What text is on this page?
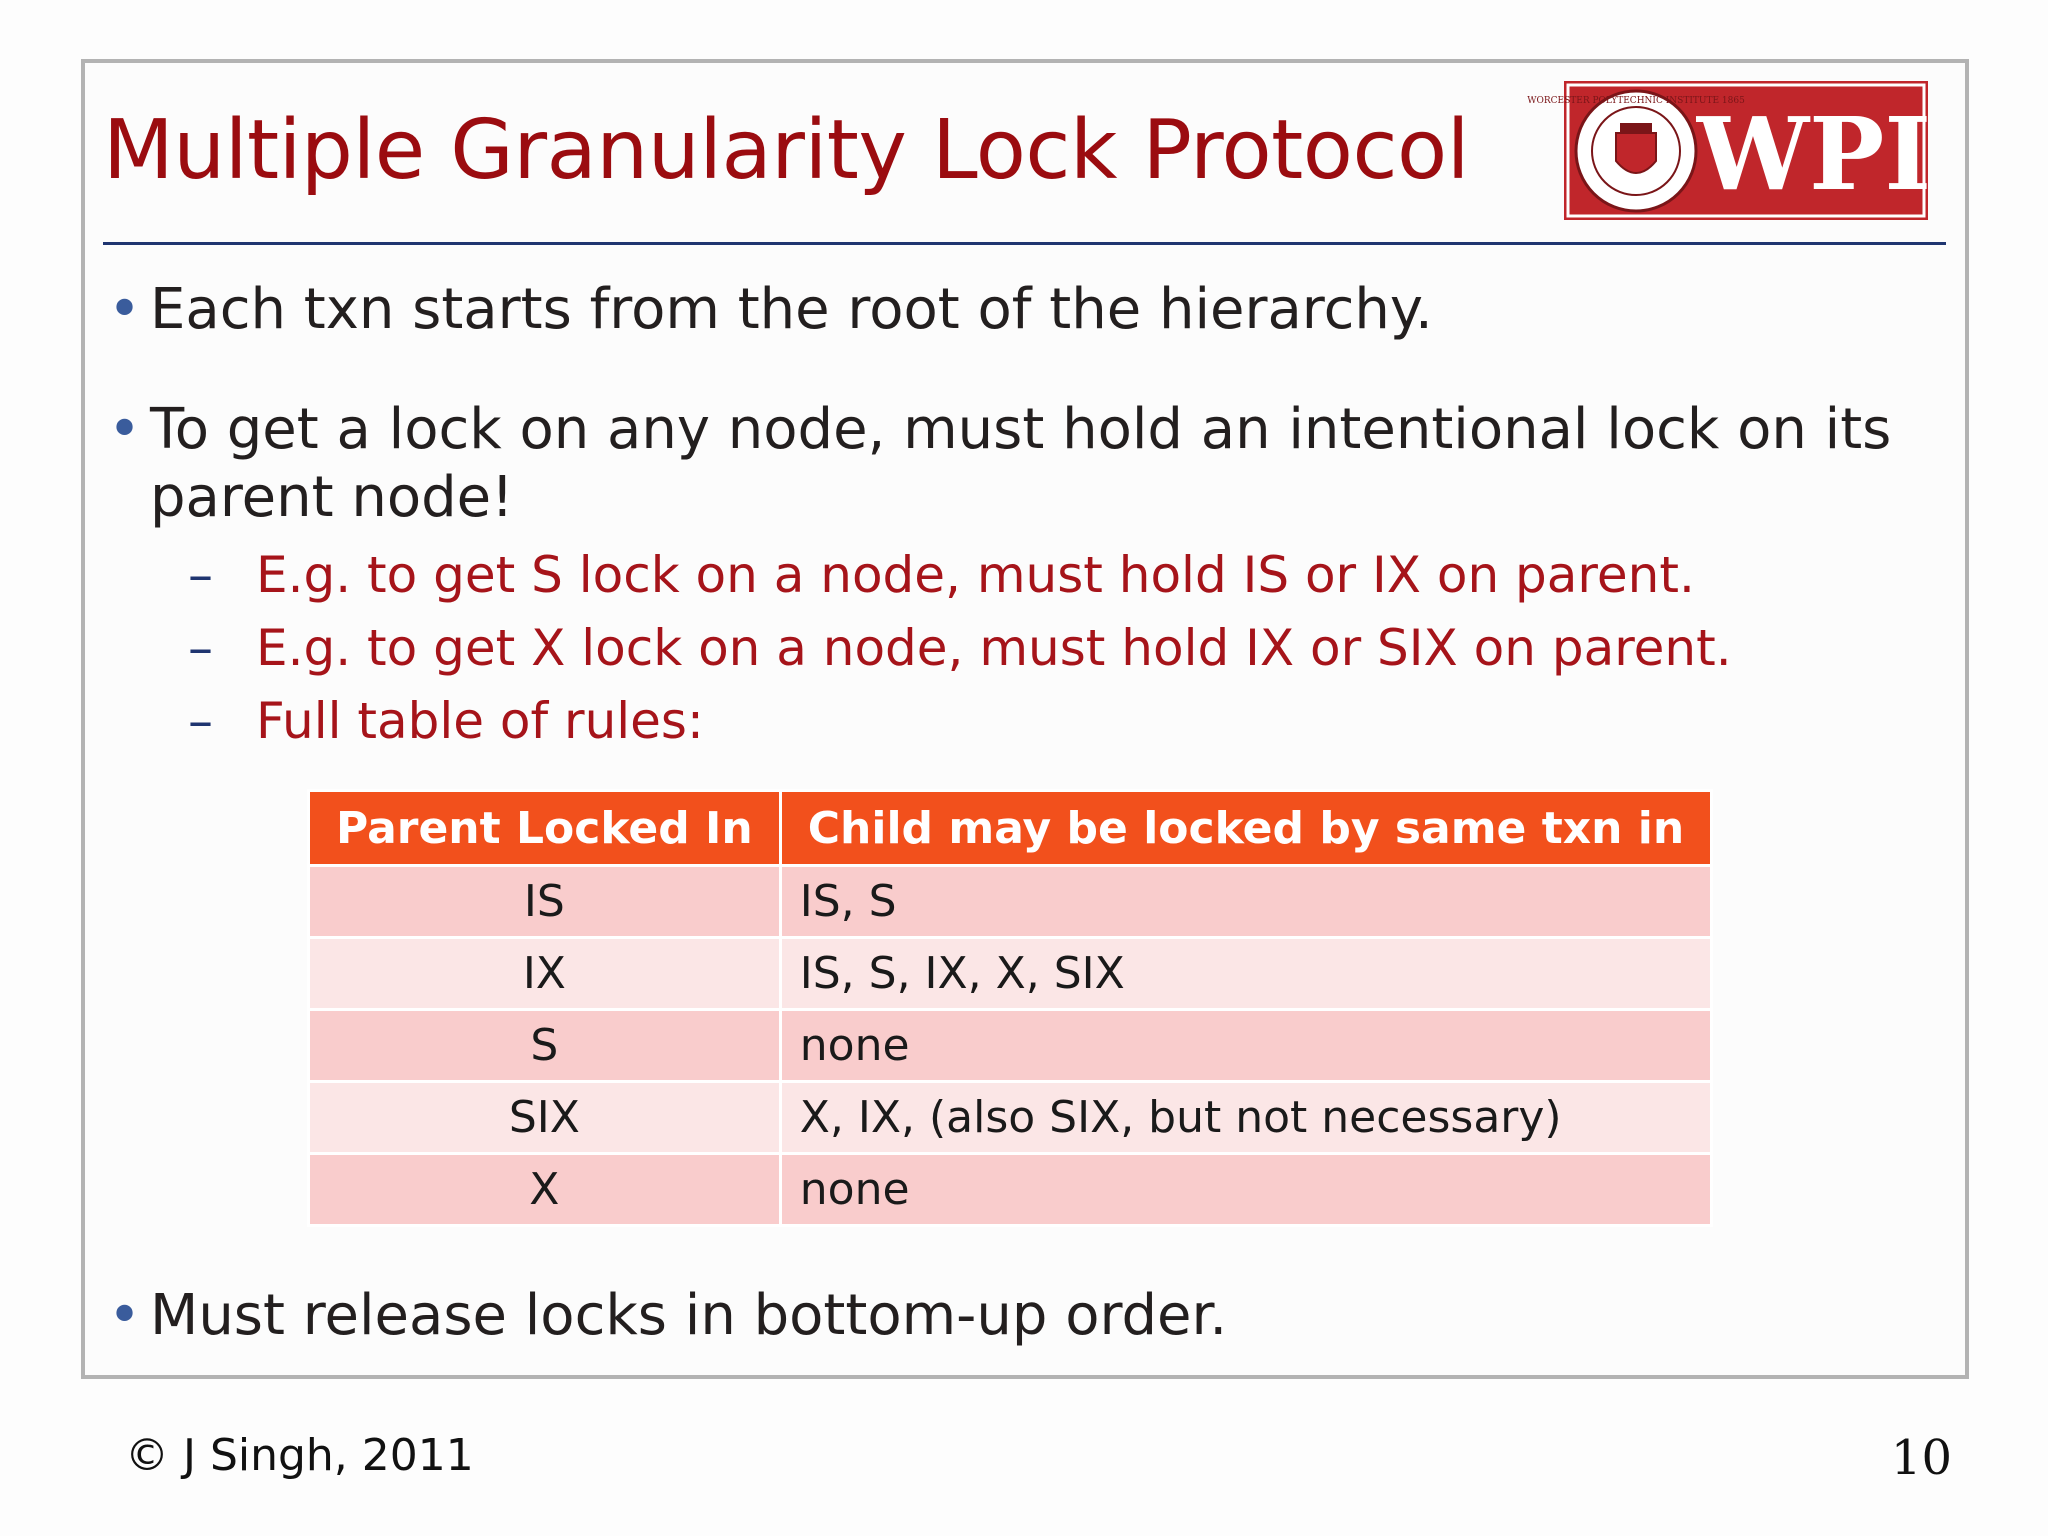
Multiple Granularity Lock Protocol
WORCESTER POLYTECHNIC INSTITUTE 1865
WPI
• Each txn starts from the root of the hierarchy.
• To get a lock on any node, must hold an intentional lock on its parent node!
– E.g. to get S lock on a node, must hold IS or IX on parent.
– E.g. to get X lock on a node, must hold IX or SIX on parent.
– Full table of rules:
Parent Locked In	Child may be locked by same txn in
IS	IS, S
IX	IS, S, IX, X, SIX
S	none
SIX	X, IX, (also SIX, but not necessary)
X	none
• Must release locks in bottom-up order.
© J Singh, 2011	10
